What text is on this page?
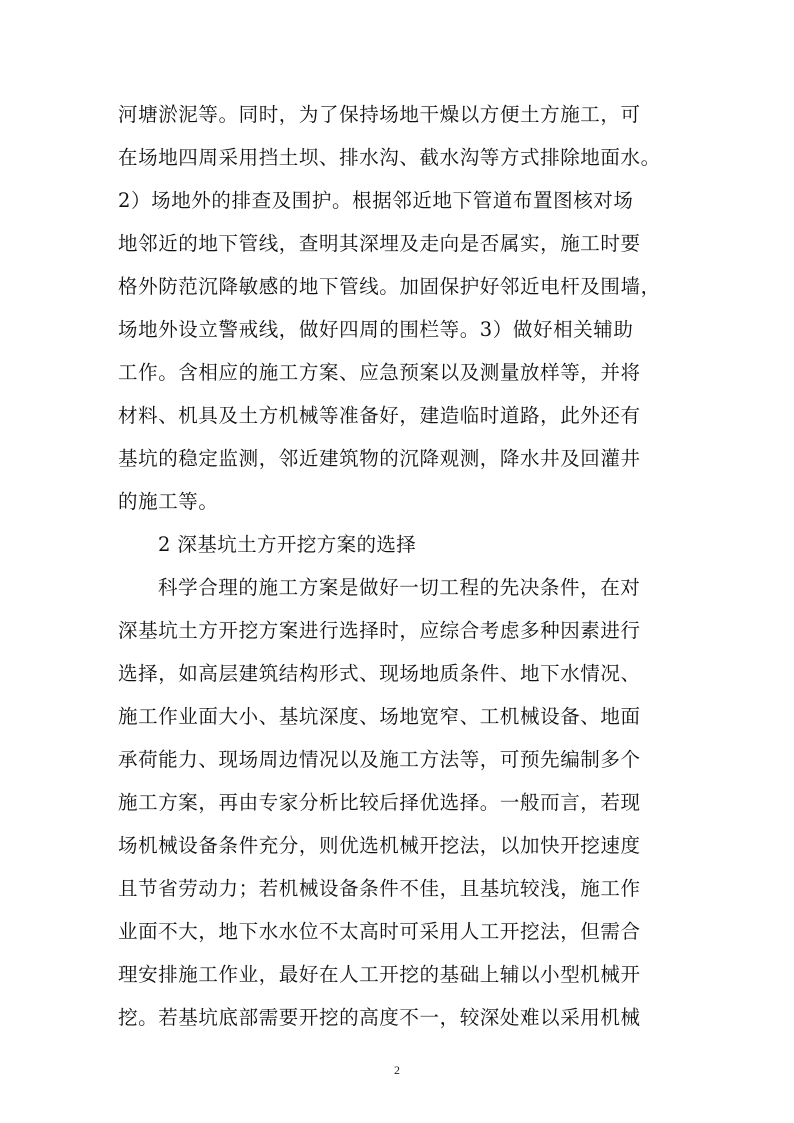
河塘淤泥等。同时，为了保持场地干燥以方便土方施工，可
在场地四周采用挡土坝、排水沟、截水沟等方式排除地面水。
2）场地外的排查及围护。根据邻近地下管道布置图核对场
地邻近的地下管线，查明其深埋及走向是否属实，施工时要
格外防范沉降敏感的地下管线。加固保护好邻近电杆及围墙，
场地外设立警戒线，做好四周的围栏等。3）做好相关辅助
工作。含相应的施工方案、应急预案以及测量放样等，并将
材料、机具及土方机械等准备好，建造临时道路，此外还有
基坑的稳定监测，邻近建筑物的沉降观测，降水井及回灌井
的施工等。
2 深基坑土方开挖方案的选择
科学合理的施工方案是做好一切工程的先决条件，在对
深基坑土方开挖方案进行选择时，应综合考虑多种因素进行
选择，如高层建筑结构形式、现场地质条件、地下水情况、
施工作业面大小、基坑深度、场地宽窄、工机械设备、地面
承荷能力、现场周边情况以及施工方法等，可预先编制多个
施工方案，再由专家分析比较后择优选择。一般而言，若现
场机械设备条件充分，则优选机械开挖法，以加快开挖速度
且节省劳动力；若机械设备条件不佳，且基坑较浅，施工作
业面不大，地下水水位不太高时可采用人工开挖法，但需合
理安排施工作业，最好在人工开挖的基础上辅以小型机械开
挖。若基坑底部需要开挖的高度不一，较深处难以采用机械
2
